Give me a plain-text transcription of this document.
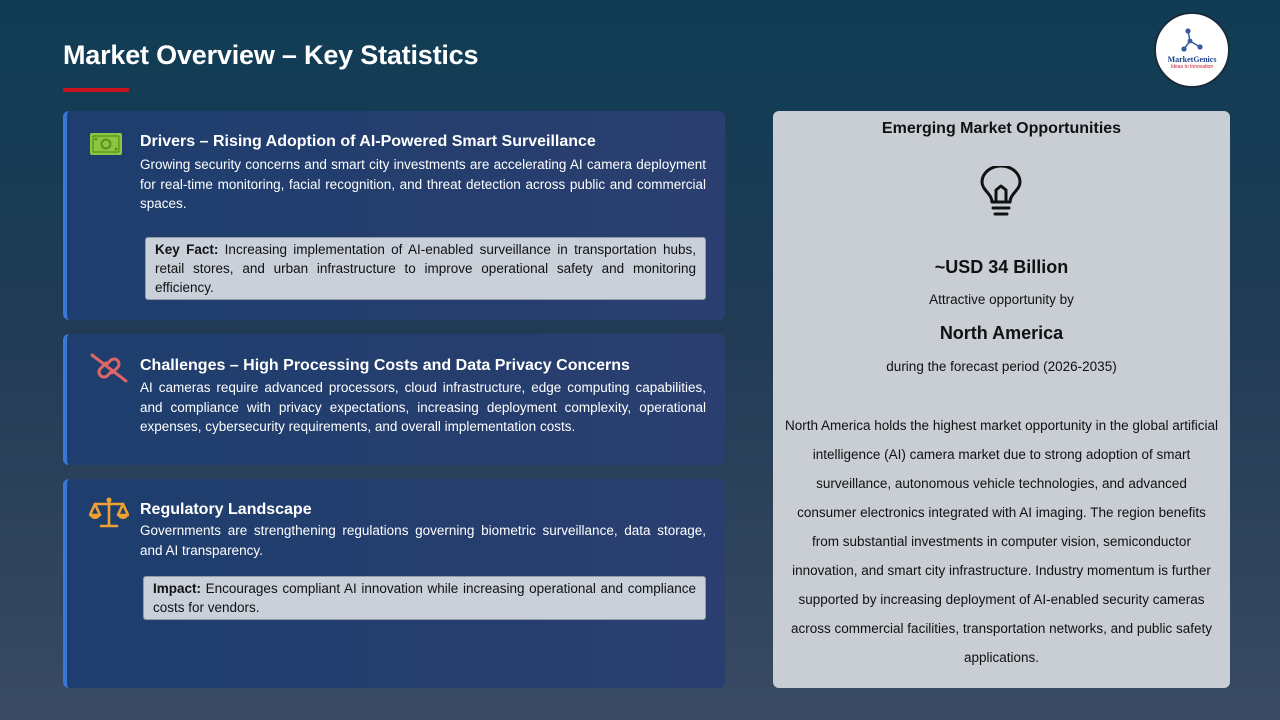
Market Overview – Key Statistics	MarketGenics
Ideas to Innovation
Drivers – Rising Adoption of AI-Powered Smart Surveillance
Growing security concerns and smart city investments are accelerating AI camera deployment for real-time monitoring, facial recognition, and threat detection across public and commercial spaces.
Key Fact: Increasing implementation of AI-enabled surveillance in transportation hubs, retail stores, and urban infrastructure to improve operational safety and monitoring efficiency.
Challenges – High Processing Costs and Data Privacy Concerns
AI cameras require advanced processors, cloud infrastructure, edge computing capabilities, and compliance with privacy expectations, increasing deployment complexity, operational expenses, cybersecurity requirements, and overall implementation costs.
Regulatory Landscape
Governments are strengthening regulations governing biometric surveillance, data storage, and AI transparency.
Impact: Encourages compliant AI innovation while increasing operational and compliance costs for vendors.
Emerging Market Opportunities
~USD 34 Billion
Attractive opportunity by
North America
during the forecast period (2026-2035)
North America holds the highest market opportunity in the global artificial intelligence (AI) camera market due to strong adoption of smart surveillance, autonomous vehicle technologies, and advanced consumer electronics integrated with AI imaging. The region benefits from substantial investments in computer vision, semiconductor innovation, and smart city infrastructure. Industry momentum is further supported by increasing deployment of AI-enabled security cameras across commercial facilities, transportation networks, and public safety applications.
